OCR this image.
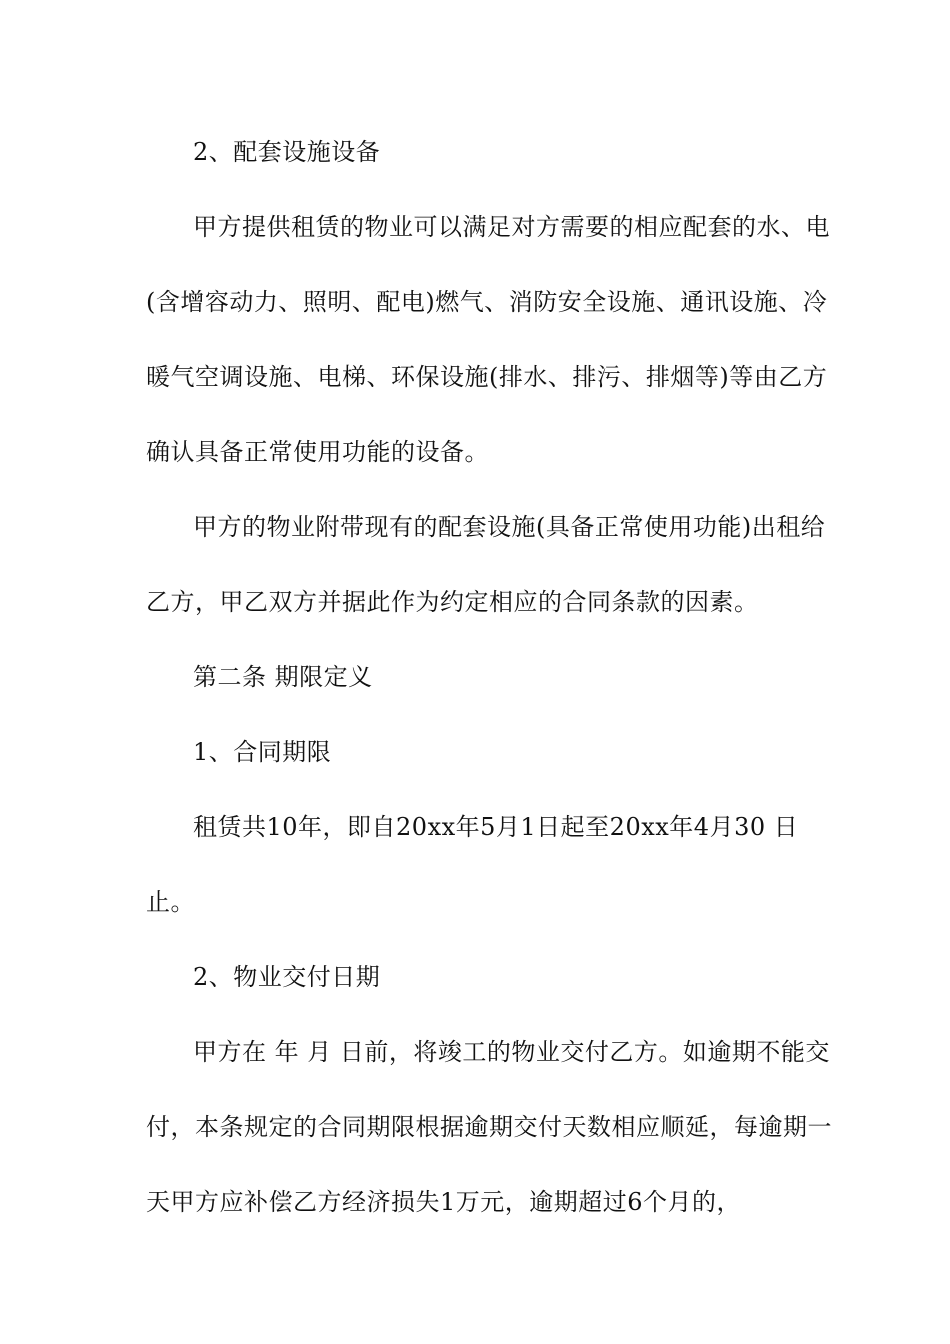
2、配套设施设备

甲方提供租赁的物业可以满足对方需要的相应配套的水、电(含增容动力、照明、配电)燃气、消防安全设施、通讯设施、冷暖气空调设施、电梯、环保设施(排水、排污、排烟等)等由乙方确认具备正常使用功能的设备。

甲方的物业附带现有的配套设施(具备正常使用功能)出租给乙方，甲乙双方并据此作为约定相应的合同条款的因素。

第二条 期限定义

1、合同期限

租赁共10年，即自20xx年5月1日起至20xx年4月30 日止。

2、物业交付日期

甲方在 年 月 日前，将竣工的物业交付乙方。如逾期不能交付，本条规定的合同期限根据逾期交付天数相应顺延，每逾期一天甲方应补偿乙方经济损失1万元，逾期超过6个月的，
